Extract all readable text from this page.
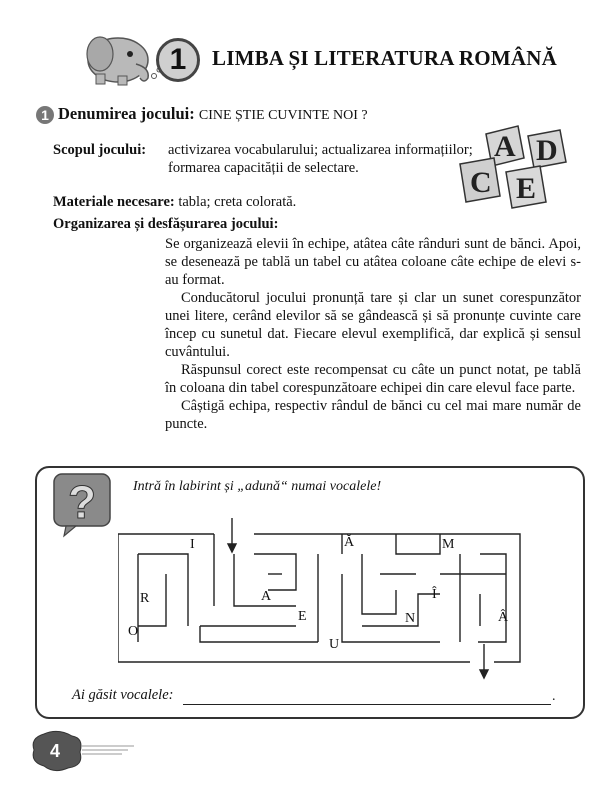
1	LIMBA ȘI LITERATURA ROMÂNĂ
1 Denumirea jocului: CINE ȘTIE CUVINTE NOI ?
Scopul jocului: activizarea vocabularului; actualizarea informațiilor; formarea capacității de selectare.
A D
C E
Materiale necesare: tabla; creta colorată.
Organizarea și desfășurarea jocului:

Se organizează elevii în echipe, atâtea câte rânduri sunt de bănci. Apoi, se desenează pe tablă un tabel cu atâtea coloane câte echipe de elevi s-au format.

Conducătorul jocului pronunță tare și clar un sunet corespunzător unei litere, cerând elevilor să se gândească și să pronunțe cuvinte care încep cu sunetul dat. Fiecare elevul exemplifică, dar explică și sensul cuvântului.

Răspunsul corect este recompensat cu câte un punct notat, pe tablă în coloana din tabel corespunzătoare echipei din care elevul face parte.

Câștigă echipa, respectiv rândul de bănci cu cel mai mare număr de puncte.

?	Intră în labirint și „adună“ numai vocalele!
I
R	A
E
O
U
Ă	M
Î
N	Â
Ai găsit vocalele:	.
4
